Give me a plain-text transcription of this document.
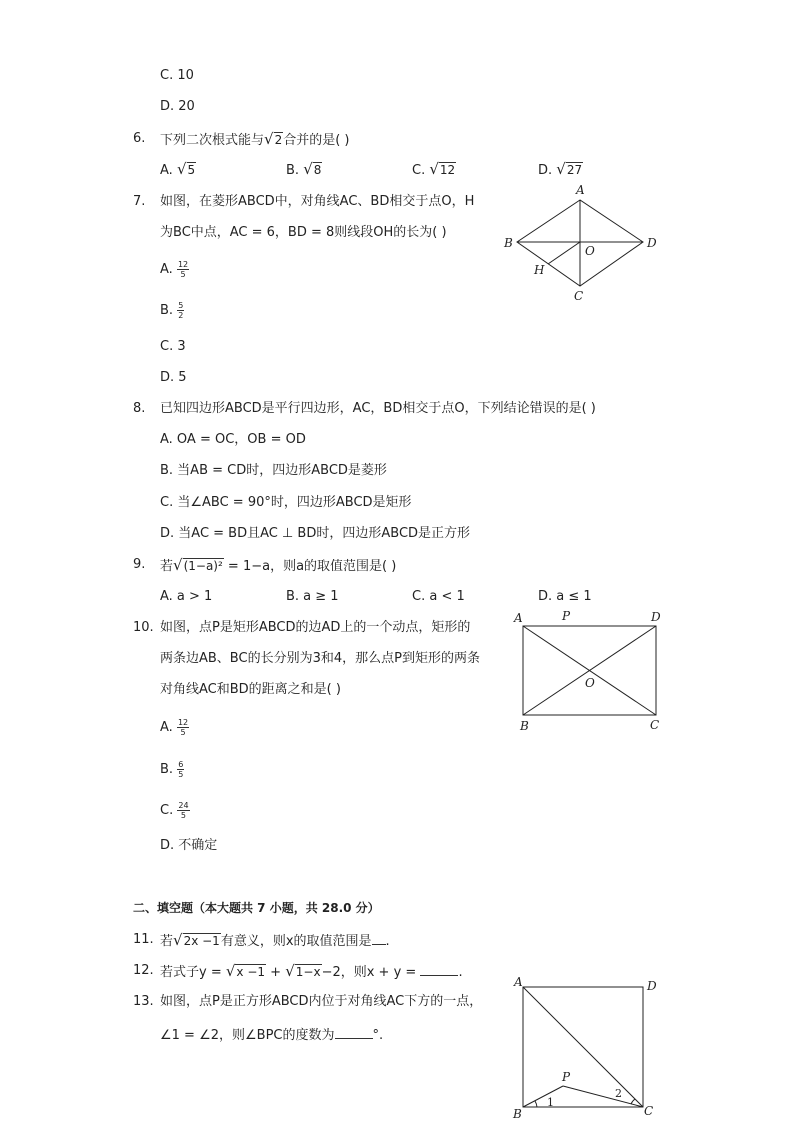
C. 10
D. 20
6.	下列二次根式能与√2合并的是( )
A. √5	B. √8	C. √12	D. √27
7.	如图，在菱形ABCD中，对角线AC、BD相交于点O，H
为BC中点，AC = 6，BD = 8则线段OH的长为( )
A. $\frac{12}{5}$
B. $\frac{5}{2}$
C. 3
D. 5
A
B
C
D
O
H
8.	已知四边形ABCD是平行四边形，AC，BD相交于点O，下列结论错误的是( )
A. OA = OC，OB = OD
B. 当AB = CD时，四边形ABCD是菱形
C. 当∠ABC = 90°时，四边形ABCD是矩形
D. 当AC = BD且AC ⊥ BD时，四边形ABCD是正方形
9.	若√(1−a)² = 1−a，则a的取值范围是( )
A. a > 1	B. a ≥ 1	C. a < 1	D. a ≤ 1
10. 如图，点P是矩形ABCD的边AD上的一个动点，矩形的
两条边AB、BC的长分别为3和4，那么点P到矩形的两条
对角线AC和BD的距离之和是( )
A. $\frac{12}{5}$
B. $\frac{6}{5}$
C. $\frac{24}{5}$
D. 不确定
A	P	D
O
B	C
二、填空题（本大题共 7 小题，共 28.0 分）
11. 若√2x −1有意义，则x的取值范围是 .
12. 若式子y = √x −1 + √1−x−2，则x + y =	.
13. 如图，点P是正方形ABCD内位于对角线AC下方的一点，
∠1 = ∠2，则∠BPC的度数为	°.
A	D
B	C
P
1
2
